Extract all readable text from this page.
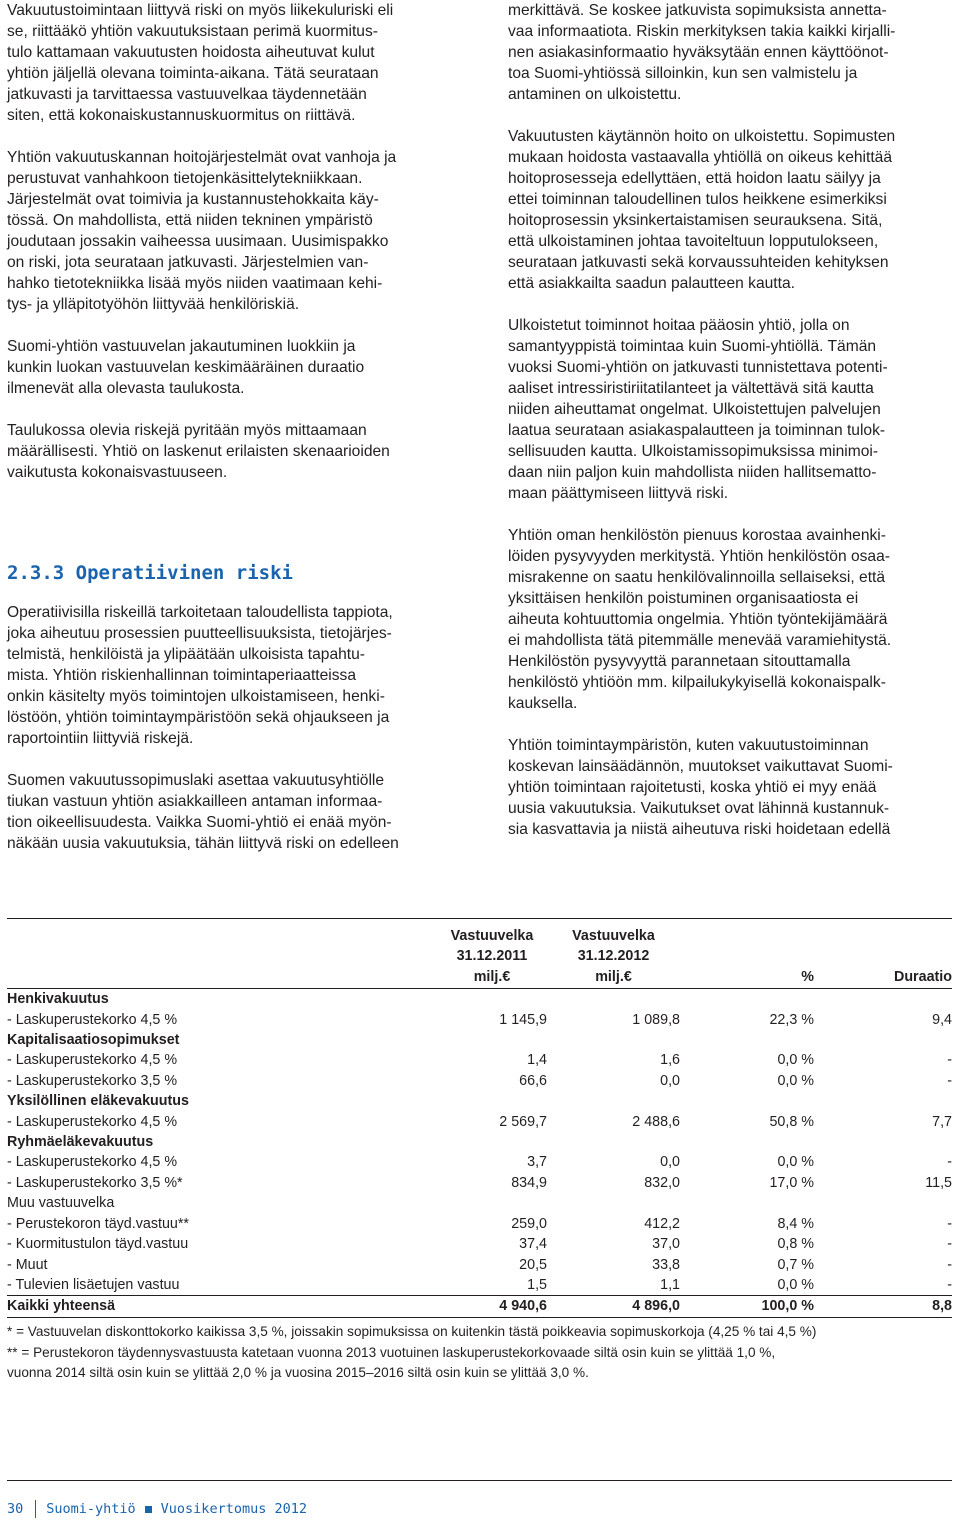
Vakuutustoimintaan liittyvä riski on myös liikekuluriski eli
se, riittääkö yhtiön vakuutuksistaan perimä kuormitus-
tulo kattamaan vakuutusten hoidosta aiheutuvat kulut
yhtiön jäljellä olevana toiminta-aikana. Tätä seurataan
jatkuvasti ja tarvittaessa vastuuvelkaa täydennetään
siten, että kokonaiskustannuskuormitus on riittävä.

Yhtiön vakuutuskannan hoitojärjestelmät ovat vanhoja ja
perustuvat vanhahkoon tietojenkäsittelytekniikkaan.
Järjestelmät ovat toimivia ja kustannustehokkaita käy-
tössä. On mahdollista, että niiden tekninen ympäristö
joudutaan jossakin vaiheessa uusimaan. Uusimispakko
on riski, jota seurataan jatkuvasti. Järjestelmien van-
hahko tietotekniikka lisää myös niiden vaatimaan kehi-
tys- ja ylläpitotyöhön liittyvää henkilöriskiä.

Suomi-yhtiön vastuuvelan jakautuminen luokkiin ja
kunkin luokan vastuuvelan keskimääräinen duraatio
ilmenevät alla olevasta taulukosta.

Taulukossa olevia riskejä pyritään myös mittaamaan
määrällisesti. Yhtiö on laskenut erilaisten skenaarioiden
vaikutusta kokonaisvastuuseen.

2.3.3 Operatiivinen riski

Operatiivisilla riskeillä tarkoitetaan taloudellista tappiota,
joka aiheutuu prosessien puutteellisuuksista, tietojärjes-
telmistä, henkilöistä ja ylipäätään ulkoisista tapahtu-
mista. Yhtiön riskienhallinnan toimintaperiaatteissa
onkin käsitelty myös toimintojen ulkoistamiseen, henki-
löstöön, yhtiön toimintaympäristöön sekä ohjaukseen ja
raportointiin liittyviä riskejä.

Suomen vakuutussopimuslaki asettaa vakuutusyhtiölle
tiukan vastuun yhtiön asiakkailleen antaman informaa-
tion oikeellisuudesta. Vaikka Suomi-yhtiö ei enää myön-
näkään uusia vakuutuksia, tähän liittyvä riski on edelleen

merkittävä. Se koskee jatkuvista sopimuksista annetta-
vaa informaatiota. Riskin merkityksen takia kaikki kirjalli-
nen asiakasinformaatio hyväksytään ennen käyttöönot-
toa Suomi-yhtiössä silloinkin, kun sen valmistelu ja
antaminen on ulkoistettu.

Vakuutusten käytännön hoito on ulkoistettu. Sopimusten
mukaan hoidosta vastaavalla yhtiöllä on oikeus kehittää
hoitoprosesseja edellyttäen, että hoidon laatu säilyy ja
ettei toiminnan taloudellinen tulos heikkene esimerkiksi
hoitoprosessin yksinkertaistamisen seurauksena. Sitä,
että ulkoistaminen johtaa tavoiteltuun lopputulokseen,
seurataan jatkuvasti sekä korvaussuhteiden kehityksen
että asiakkailta saadun palautteen kautta.

Ulkoistetut toiminnot hoitaa pääosin yhtiö, jolla on
samantyyppistä toimintaa kuin Suomi-yhtiöllä. Tämän
vuoksi Suomi-yhtiön on jatkuvasti tunnistettava potenti-
aaliset intressiristiriitatilanteet ja vältettävä sitä kautta
niiden aiheuttamat ongelmat. Ulkoistettujen palvelujen
laatua seurataan asiakaspalautteen ja toiminnan tulok-
sellisuuden kautta. Ulkoistamissopimuksissa minimoi-
daan niin paljon kuin mahdollista niiden hallitsematto-
maan päättymiseen liittyvä riski.

Yhtiön oman henkilöstön pienuus korostaa avainhenki-
löiden pysyvyyden merkitystä. Yhtiön henkilöstön osaa-
misrakenne on saatu henkilövalinnoilla sellaiseksi, että
yksittäisen henkilön poistuminen organisaatiosta ei
aiheuta kohtuuttomia ongelmia. Yhtiön työntekijämäärä
ei mahdollista tätä pitemmälle menevää varamiehitystä.
Henkilöstön pysyvyyttä parannetaan sitouttamalla
henkilöstö yhtiöön mm. kilpailukykyisellä kokonaispalk-
kauksella.

Yhtiön toimintaympäristön, kuten vakuutustoiminnan
koskevan lainsäädännön, muutokset vaikuttavat Suomi-
yhtiön toimintaan rajoitetusti, koska yhtiö ei myy enää
uusia vakuutuksia. Vaikutukset ovat lähinnä kustannuk-
sia kasvattavia ja niistä aiheutuva riski hoidetaan edellä

	Vastuuvelka
31.12.2011
milj.€	Vastuuvelka
31.12.2012
milj.€	%	Duraatio
Henkivakuutus				
- Laskuperustekorko 4,5 %	1 145,9	1 089,8	22,3 %	9,4
Kapitalisaatiosopimukset				
- Laskuperustekorko 4,5 %	1,4	1,6	0,0 %	-
- Laskuperustekorko 3,5 %	66,6	0,0	0,0 %	-
Yksilöllinen eläkevakuutus				
- Laskuperustekorko 4,5 %	2 569,7	2 488,6	50,8 %	7,7
Ryhmäeläkevakuutus				
- Laskuperustekorko 4,5 %	3,7	0,0	0,0 %	-
- Laskuperustekorko 3,5 %*	834,9	832,0	17,0 %	11,5
Muu vastuuvelka				
- Perustekoron täyd.vastuu**	259,0	412,2	8,4 %	-
- Kuormitustulon täyd.vastuu	37,4	37,0	0,8 %	-
- Muut	20,5	33,8	0,7 %	-
- Tulevien lisäetujen vastuu	1,5	1,1	0,0 %	-
Kaikki yhteensä	4 940,6	4 896,0	100,0 %	8,8
* = Vastuuvelan diskonttokorko kaikissa 3,5 %, joissakin sopimuksissa on kuitenkin tästä poikkeavia sopimuskorkoja (4,25 % tai 4,5 %)
** = Perustekoron täydennysvastuusta katetaan vuonna 2013 vuotuinen laskuperustekorkovaade siltä osin kuin se ylittää 1,0 %,
vuonna 2014 siltä osin kuin se ylittää 2,0 % ja vuosina 2015–2016 siltä osin kuin se ylittää 3,0 %.
30 Suomi-yhtiö Vuosikertomus 2012
